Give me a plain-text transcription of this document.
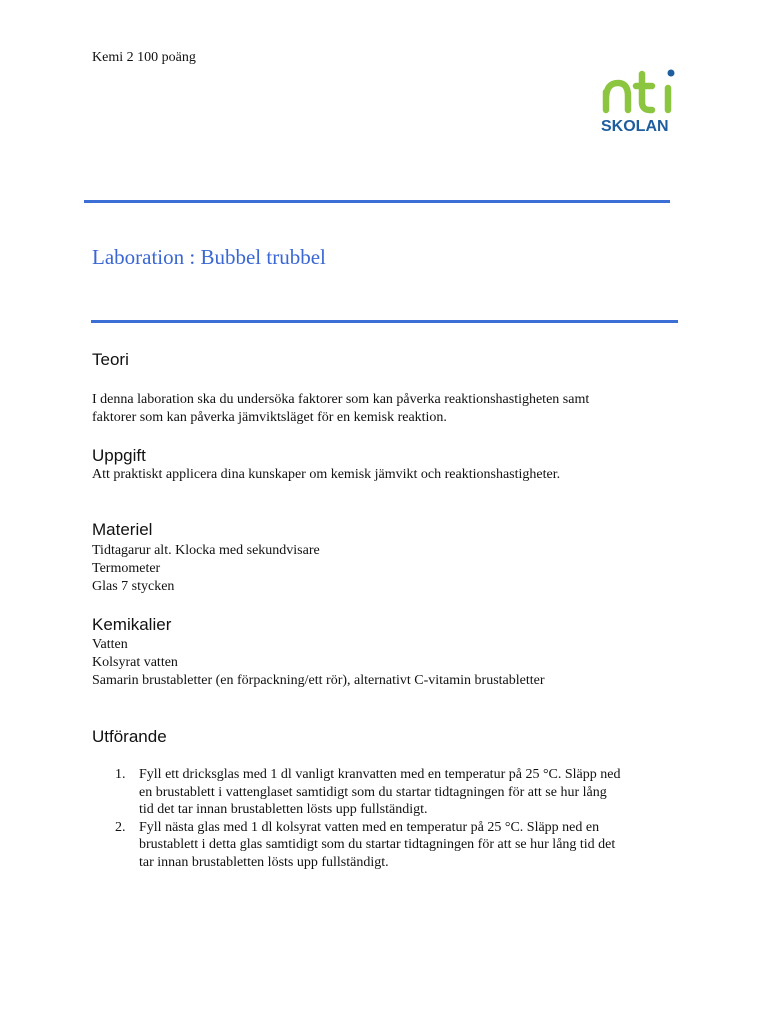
Kemi 2 100 poäng
SKOLAN
Laboration : Bubbel trubbel
Teori
I denna laboration ska du undersöka faktorer som kan påverka reaktionshastigheten samt
faktorer som kan påverka jämviktsläget för en kemisk reaktion.
Uppgift
Att praktiskt applicera dina kunskaper om kemisk jämvikt och reaktionshastigheter.
Materiel
Tidtagarur alt. Klocka med sekundvisare
Termometer
Glas 7 stycken
Kemikalier
Vatten
Kolsyrat vatten
Samarin brustabletter (en förpackning/ett rör), alternativt C-vitamin brustabletter
Utförande
1. Fyll ett dricksglas med 1 dl vanligt kranvatten med en temperatur på 25 °C. Släpp ned
en brustablett i vattenglaset samtidigt som du startar tidtagningen för att se hur lång
tid det tar innan brustabletten lösts upp fullständigt.
2. Fyll nästa glas med 1 dl kolsyrat vatten med en temperatur på 25 °C. Släpp ned en
brustablett i detta glas samtidigt som du startar tidtagningen för att se hur lång tid det
tar innan brustabletten lösts upp fullständigt.
